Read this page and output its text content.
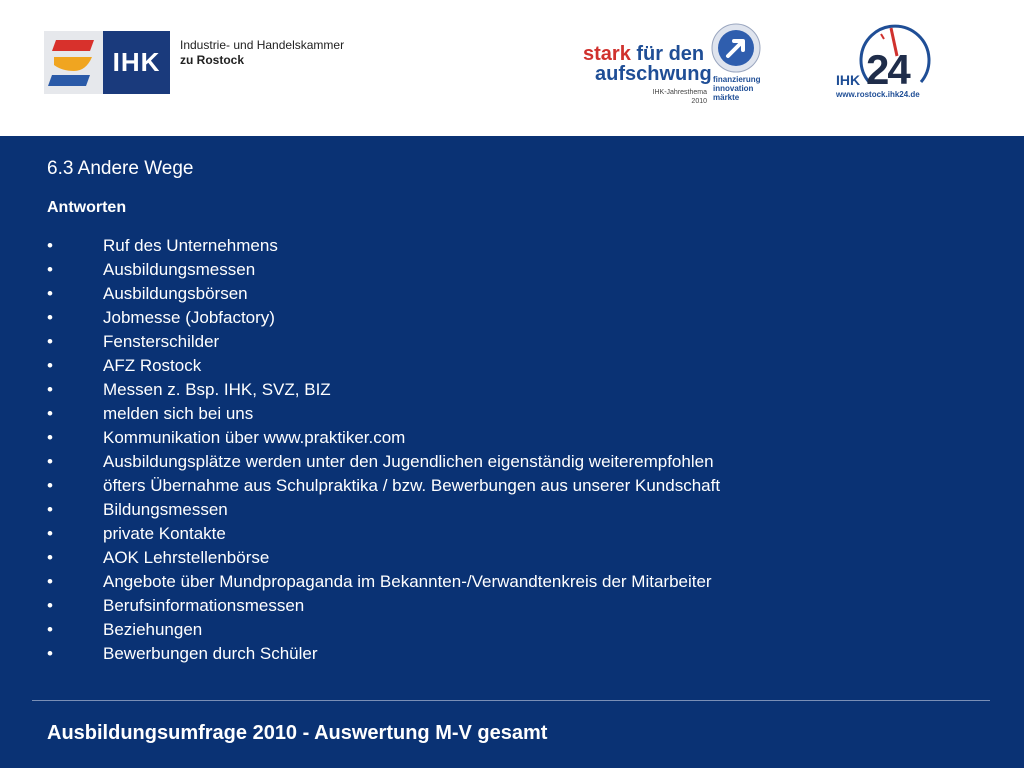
IHK
Industrie- und Handelskammer
zu Rostock	stark für den
aufschwung
IHK-Jahresthema
2010
finanzierung
innovation
märkte
IHK 24
www.rostock.ihk24.de
6.3 Andere Wege
Antworten
•	Ruf des Unternehmens
•	Ausbildungsmessen
•	Ausbildungsbörsen
•	Jobmesse (Jobfactory)
•	Fensterschilder
•	AFZ Rostock
•	Messen z. Bsp. IHK, SVZ, BIZ
•	melden sich bei uns
•	Kommunikation über www.praktiker.com
•	Ausbildungsplätze werden unter den Jugendlichen eigenständig weiterempfohlen
•	öfters Übernahme aus Schulpraktika / bzw. Bewerbungen aus unserer Kundschaft
•	Bildungsmessen
•	private Kontakte
•	AOK Lehrstellenbörse
•	Angebote über Mundpropaganda im Bekannten-/Verwandtenkreis der Mitarbeiter
•	Berufsinformationsmessen
•	Beziehungen
•	Bewerbungen durch Schüler
Ausbildungsumfrage 2010 - Auswertung M-V gesamt
